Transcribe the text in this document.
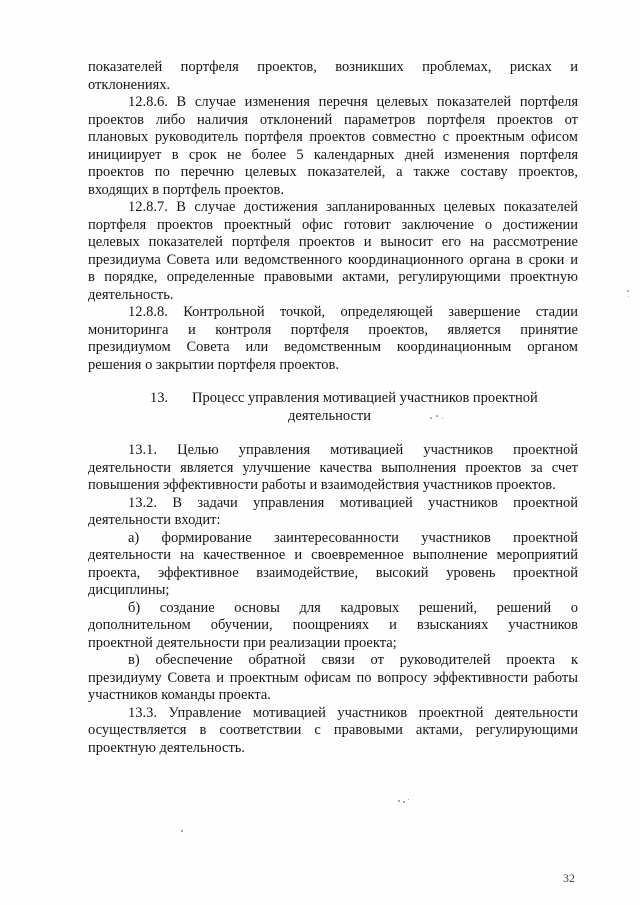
показателей портфеля проектов, возникших проблемах, рисках и
отклонениях.
12.8.6. В случае изменения перечня целевых показателей портфеля
проектов либо наличия отклонений параметров портфеля проектов от
плановых руководитель портфеля проектов совместно с проектным офисом
инициирует в срок не более 5 календарных дней изменения портфеля
проектов по перечню целевых показателей, а также составу проектов,
входящих в портфель проектов.
12.8.7. В случае достижения запланированных целевых показателей
портфеля проектов проектный офис готовит заключение о достижении
целевых показателей портфеля проектов и выносит его на рассмотрение
президиума Совета или ведомственного координационного органа в сроки и
в порядке, определенные правовыми актами, регулирующими проектную
деятельность.
12.8.8. Контрольной точкой, определяющей завершение стадии
мониторинга и контроля портфеля проектов, является принятие
президиумом Совета или ведомственным координационным органом
решения о закрытии портфеля проектов.
13. Процесс управления мотивацией участников проектной
деятельности
13.1. Целью управления мотивацией участников проектной
деятельности является улучшение качества выполнения проектов за счет
повышения эффективности работы и взаимодействия участников проектов.
13.2. В задачи управления мотивацией участников проектной
деятельности входит:
а) формирование заинтересованности участников проектной
деятельности на качественное и своевременное выполнение мероприятий
проекта, эффективное взаимодействие, высокий уровень проектной
дисциплины;
б) создание основы для кадровых решений, решений о
дополнительном обучении, поощрениях и взысканиях участников
проектной деятельности при реализации проекта;
в) обеспечение обратной связи от руководителей проекта к
президиуму Совета и проектным офисам по вопросу эффективности работы
участников команды проекта.
13.3. Управление мотивацией участников проектной деятельности
осуществляется в соответствии с правовыми актами, регулирующими
проектную деятельность.
32
